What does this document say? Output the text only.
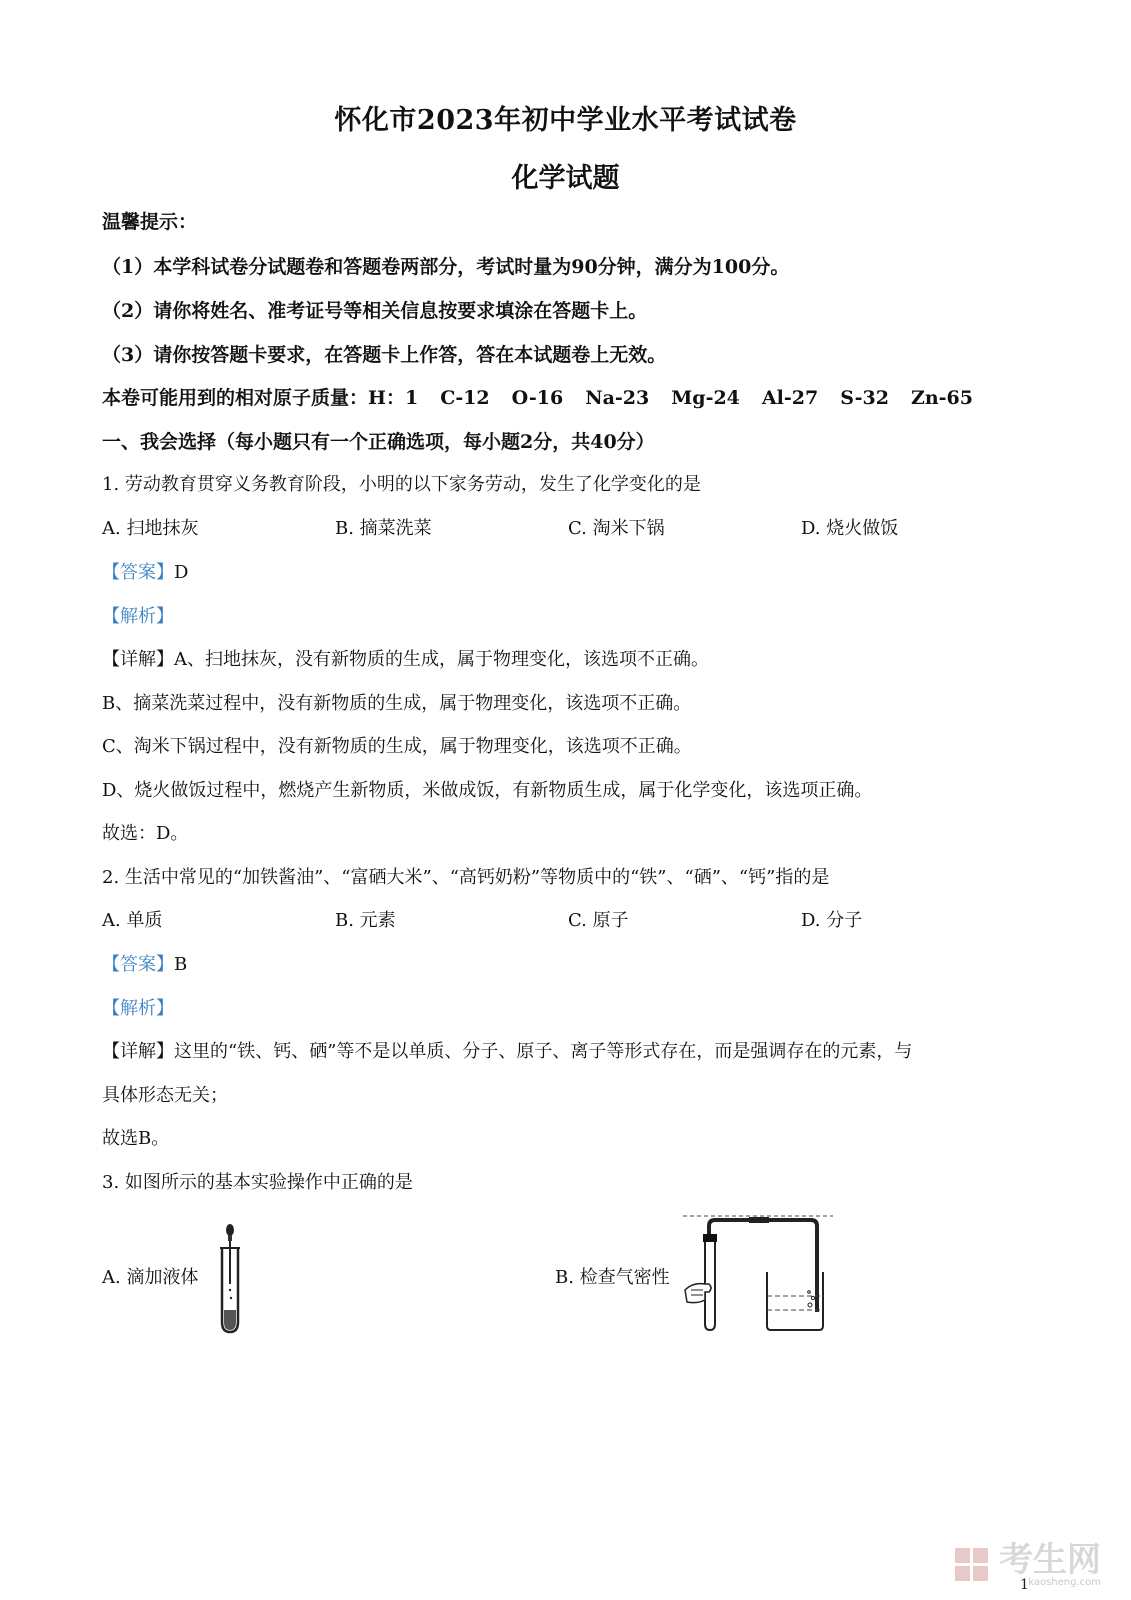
怀化市2023年初中学业水平考试试卷
化学试题
温馨提示：
（1）本学科试卷分试题卷和答题卷两部分，考试时量为90分钟，满分为100分。
（2）请你将姓名、准考证号等相关信息按要求填涂在答题卡上。
（3）请你按答题卡要求，在答题卡上作答，答在本试题卷上无效。
本卷可能用到的相对原子质量：H：1 C-12 O-16 Na-23 Mg-24 Al-27 S-32 Zn-65
一、我会选择（每小题只有一个正确选项，每小题2分，共40分）
1. 劳动教育贯穿义务教育阶段，小明的以下家务劳动，发生了化学变化的是
A. 扫地抹灰	B. 摘菜洗菜	C. 淘米下锅	D. 烧火做饭
【答案】D
【解析】
【详解】A、扫地抹灰，没有新物质的生成，属于物理变化，该选项不正确。
B、摘菜洗菜过程中，没有新物质的生成，属于物理变化，该选项不正确。
C、淘米下锅过程中，没有新物质的生成，属于物理变化，该选项不正确。
D、烧火做饭过程中，燃烧产生新物质，米做成饭，有新物质生成，属于化学变化，该选项正确。
故选：D。
2. 生活中常见的“加铁酱油”、“富硒大米”、“高钙奶粉”等物质中的“铁”、“硒”、“钙”指的是
A. 单质	B. 元素	C. 原子	D. 分子
【答案】B
【解析】
【详解】这里的“铁、钙、硒”等不是以单质、分子、原子、离子等形式存在，而是强调存在的元素，与
具体形态无关；
故选B。
3. 如图所示的基本实验操作中正确的是
A. 滴加液体	B. 检查气密性
考生网
kaosheng.com
1
